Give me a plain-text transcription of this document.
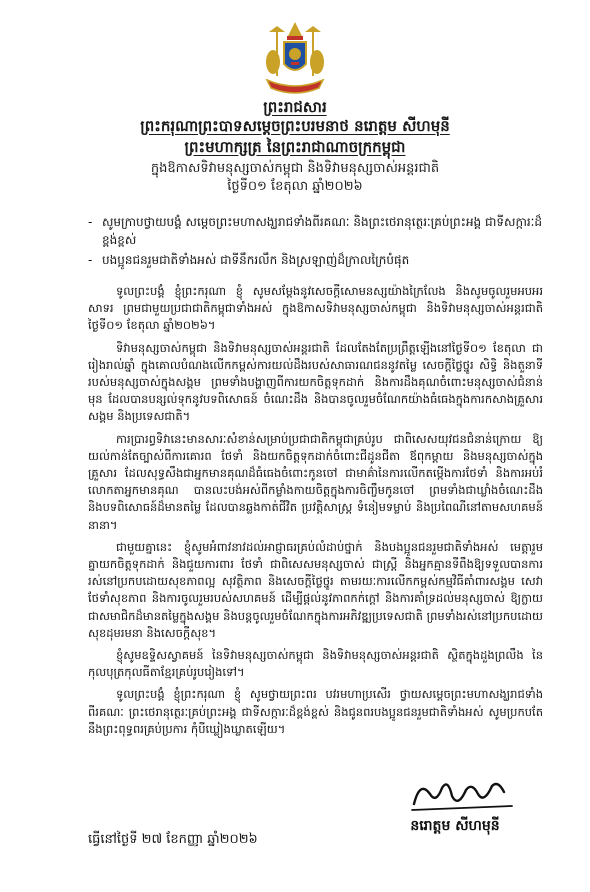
ព្រះរាជសារ
ព្រះករុណាព្រះបាទសម្តេចព្រះបរមនាថ នរោត្តម សីហមុនី
ព្រះមហាក្សត្រ នៃព្រះរាជាណាចក្រកម្ពុជា
ក្នុងឱកាសទិវាមនុស្សចាស់កម្ពុជា និងទិវាមនុស្សចាស់អន្តរជាតិ
ថ្ងៃទី០១ ខែតុលា ឆ្នាំ២០២៦
- សូមក្រាបថ្វាយបង្គំ សម្តេចព្រះមហាសង្ឃរាជទាំងពីរគណៈ និងព្រះថេរានុត្ថេរៈគ្រប់ព្រះអង្គ ជាទីសក្ការៈដ៏ខ្ពង់ខ្ពស់
- បងប្អូនជនរួមជាតិទាំងអស់ ជាទីនឹករលឹក និងស្រឡាញ់ដ៏ក្រាលក្រៃបំផុត

ទូលព្រះបង្គំ ខ្ញុំព្រះករុណា ខ្ញុំ សូមសម្តែងនូវសេចក្តីសោមនស្សយ៉ាងក្រៃលែង និងសូមចូលរួមអបអរសាទរ ព្រមជាមួយប្រជាជាតិកម្ពុជាទាំងអស់ ក្នុងឱកាសទិវាមនុស្សចាស់កម្ពុជា និងទិវាមនុស្សចាស់អន្តរជាតិ ថ្ងៃទី០១ ខែតុលា ឆ្នាំ២០២៦។

ទិវាមនុស្សចាស់កម្ពុជា និងទិវាមនុស្សចាស់អន្តរជាតិ ដែលតែងតែប្រព្រឹត្តឡើងនៅថ្ងៃទី០១ ខែតុលា ជារៀងរាល់ឆ្នាំ ក្នុងគោលបំណងលើកកម្ពស់ការយល់ដឹងរបស់សាធារណជននូវតម្លៃ សេចក្តីថ្លៃថ្នូរ សិទ្ធិ និងតួនាទីរបស់មនុស្សចាស់ក្នុងសង្គម ព្រមទាំងបង្ហាញពីការយកចិត្តទុកដាក់ និងការដឹងគុណចំពោះមនុស្សចាស់ជំនាន់មុន ដែលបានបន្សល់ទុកនូវបទពិសោធន៍ ចំណេះដឹង និងបានចូលរួមចំណែកយ៉ាងធំធេងក្នុងការកសាងគ្រួសារ សង្គម និងប្រទេសជាតិ។

ការប្រារព្ធទិវានេះមានសារៈសំខាន់សម្រាប់ប្រជាជាតិកម្ពុជាគ្រប់រូប ជាពិសេសយុវជនជំនាន់ក្រោយ ឱ្យយល់កាន់តែច្បាស់ពីការគោរព ថែទាំ និងយកចិត្តទុកដាក់ចំពោះជីដូនជីតា ឪពុកម្តាយ និងមនុស្សចាស់ក្នុងគ្រួសារ ដែលសុទ្ធសឹងជាអ្នកមានគុណដ៏ធំធេងចំពោះកូនចៅ ជាមាគ៌ានៃការលើកតម្កើងការថែទាំ និងការអប់រំ លោកតាអ្នកមានគុណ បានលះបង់អស់ពីកម្លាំងកាយចិត្តក្នុងការចិញ្ចឹមកូនចៅ ព្រមទាំងជាឃ្លាំងចំណេះដឹង និងបទពិសោធន៍ដ៏មានតម្លៃ ដែលបានឆ្លងកាត់ជីវិត ប្រវត្តិសាស្ត្រ ទំនៀមទម្លាប់ និងប្រពៃណីនៅតាមសហគមន៍នានា។

ជាមួយគ្នានេះ ខ្ញុំសូមអំពាវនាវដល់អាជ្ញាធរគ្រប់លំដាប់ថ្នាក់ និងបងប្អូនជនរួមជាតិទាំងអស់ មេត្តារួមគ្នាយកចិត្តទុកដាក់ និងជួយការពារ ថែទាំ ជាពិសេសមនុស្សចាស់ ជាស្ត្រី និងអ្នកគ្មានទីពឹងឱ្យទទួលបានការរស់នៅប្រកបដោយសុខភាពល្អ សុវត្ថិភាព និងសេចក្តីថ្លៃថ្នូរ តាមរយៈការលើកកម្ពស់កម្មវិធីគាំពារសង្គម សេវាថែទាំសុខភាព និងការចូលរួមរបស់សហគមន៍ ដើម្បីផ្តល់នូវភាពកក់ក្តៅ និងការគាំទ្រដល់មនុស្សចាស់ ឱ្យក្លាយជាសមាជិកដ៏មានតម្លៃក្នុងសង្គម និងបន្តចូលរួមចំណែកក្នុងការអភិវឌ្ឍប្រទេសជាតិ ព្រមទាំងរស់នៅប្រកបដោយសុខដុមរមនា និងសេចក្តីសុខ។

ខ្ញុំសូមឧទ្ទិសស្វាគមន៍ នៃទិវាមនុស្សចាស់កម្ពុជា និងទិវាមនុស្សចាស់អន្តរជាតិ ស្ថិតក្នុងដួងព្រលឹង នៃកុលបុត្រកុលធីតាខ្មែរគ្រប់រូបរៀងទៅ។

ទូលព្រះបង្គំ ខ្ញុំព្រះករុណា ខ្ញុំ សូមថ្វាយព្រះពរ បវរមហាប្រសើរ ថ្វាយសម្តេចព្រះមហាសង្ឃរាជទាំងពីរគណៈ ព្រះថេរានុត្ថេរៈគ្រប់ព្រះអង្គ ជាទីសក្ការៈដ៏ខ្ពង់ខ្ពស់ និងជូនពរបងប្អូនជនរួមជាតិទាំងអស់ សូមប្រកបតែនឹងព្រះពុទ្ធពរគ្រប់ប្រការ កុំបីឃ្លៀងឃ្លាតឡើយ។

នរោត្តម សីហមុនី
ធ្វើនៅថ្ងៃទី ២៧ ខែកញ្ញា ឆ្នាំ២០២៦
